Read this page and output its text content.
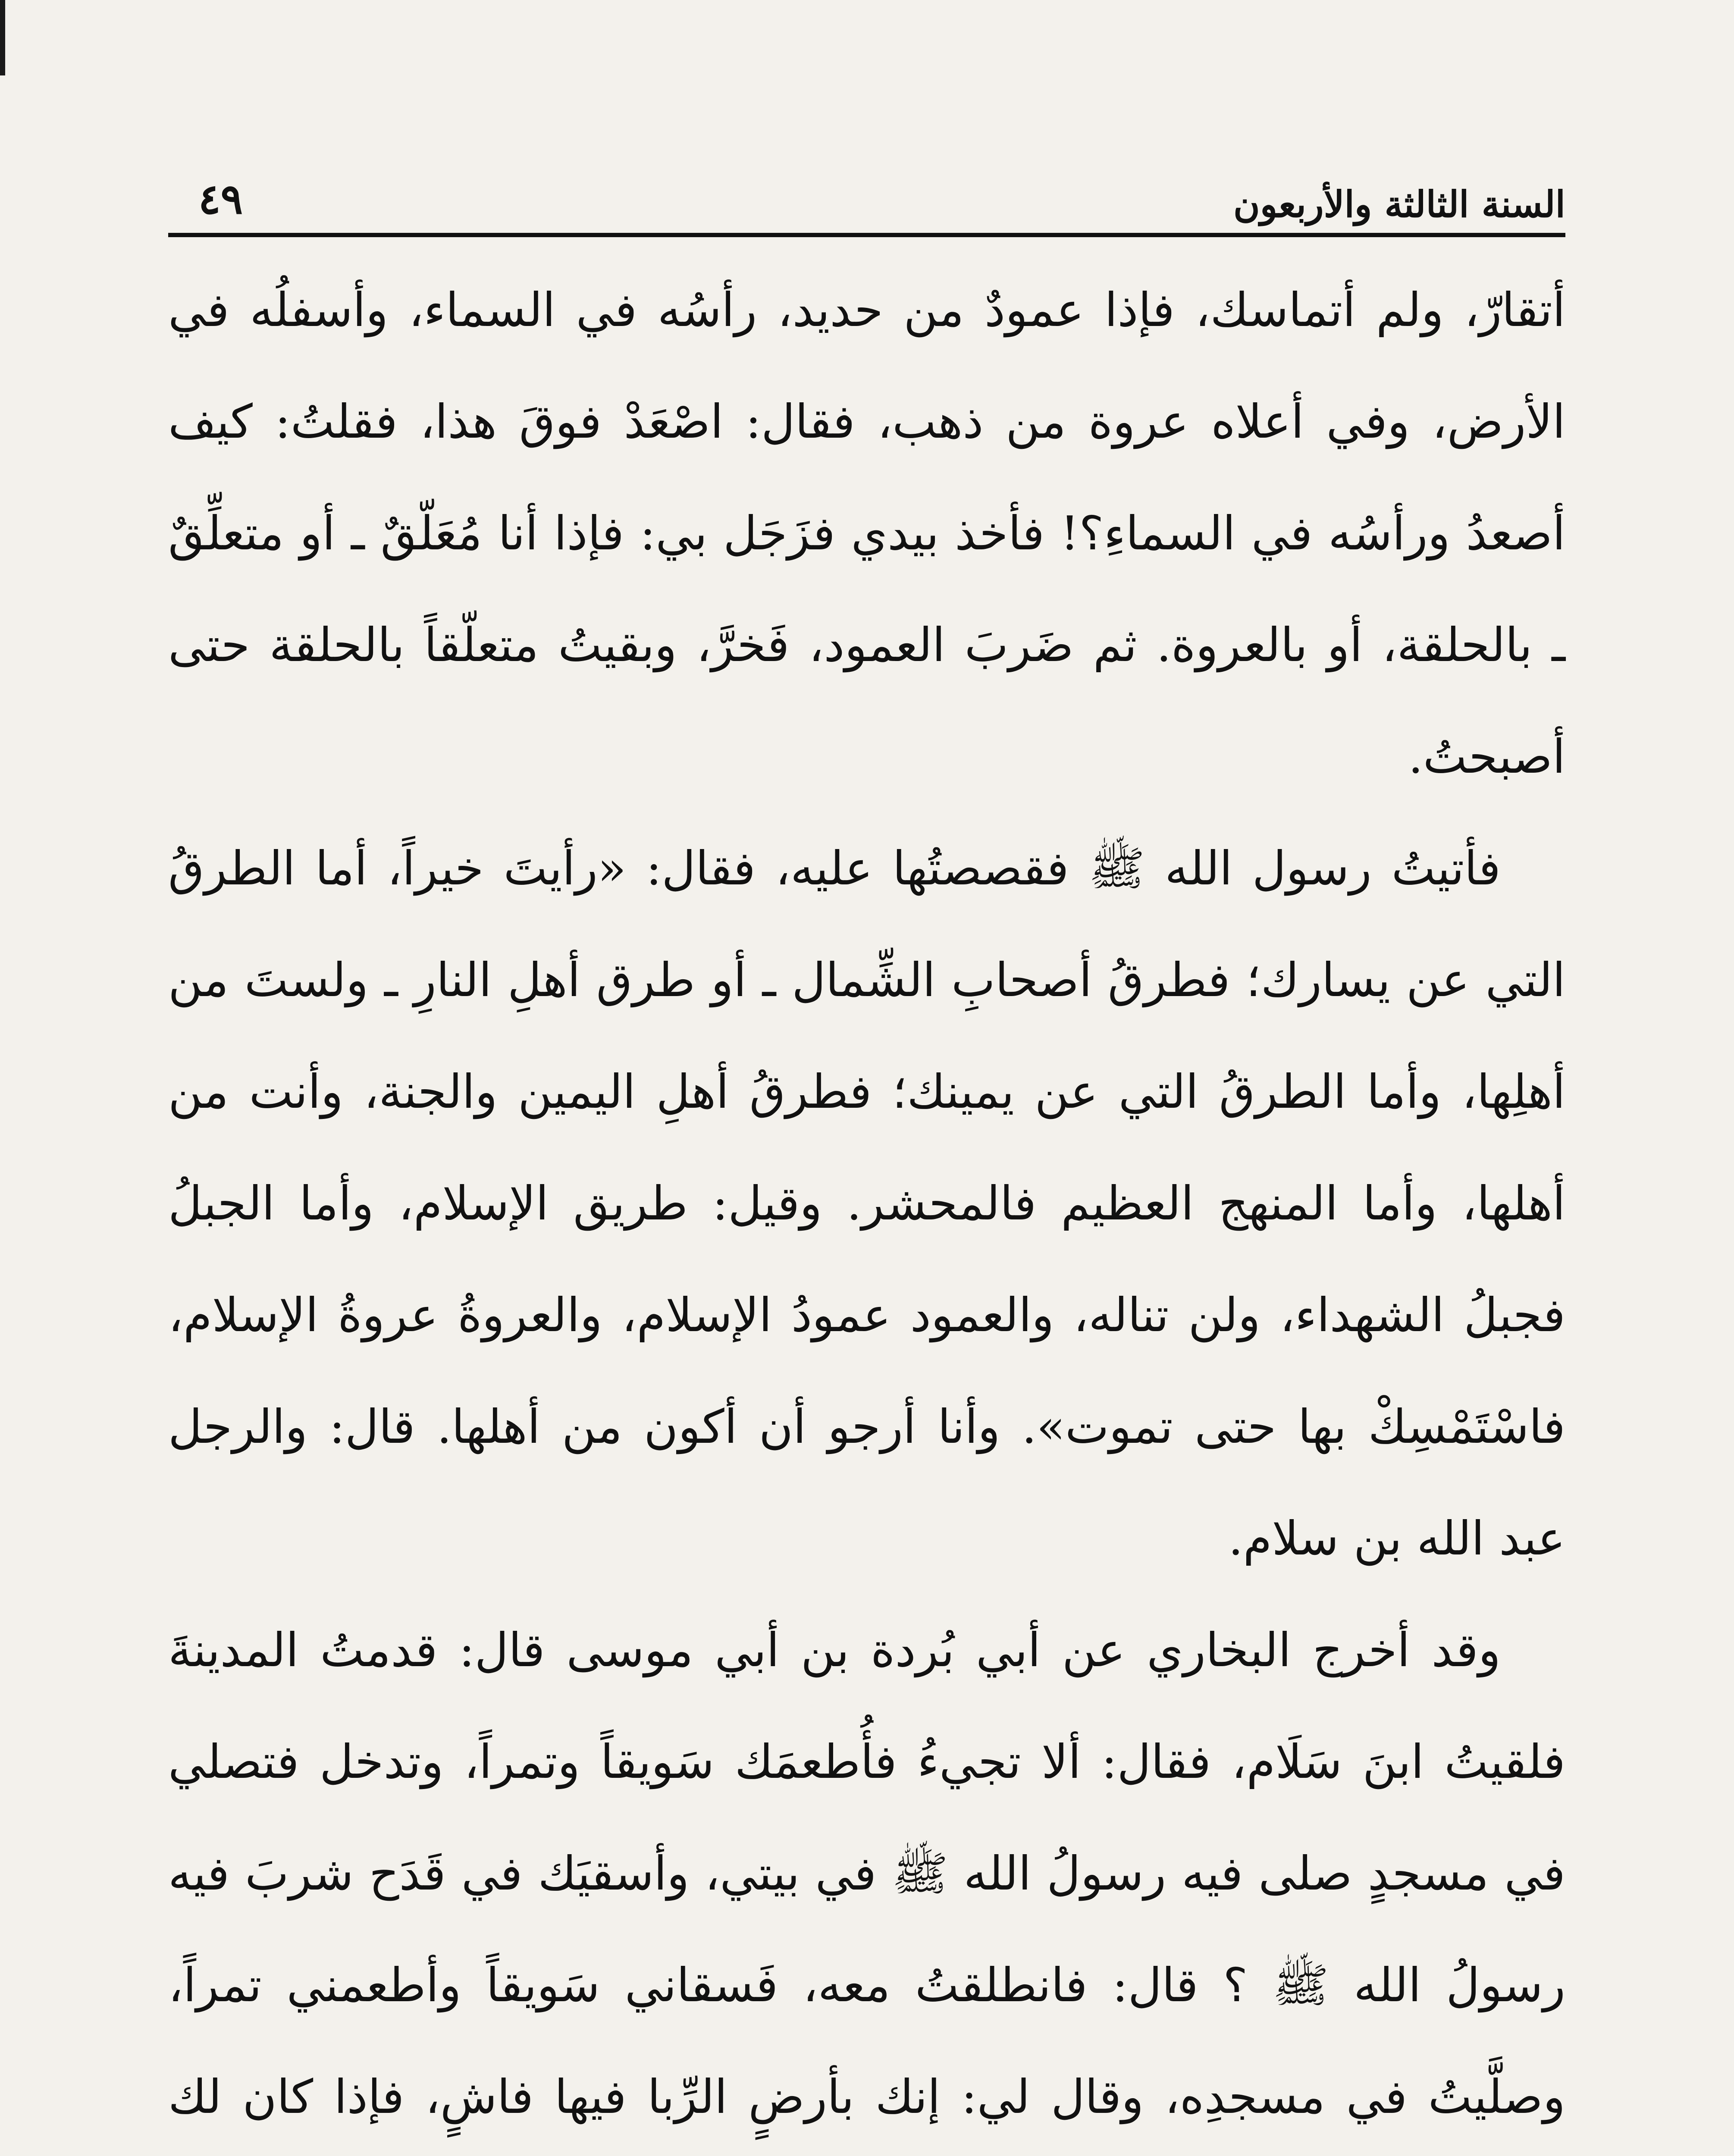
السنة الثالثة والأربعون
٤٩

أتقارّ، ولم أتماسك، فإذا عمودٌ من حديد، رأسُه في السماء، وأسفلُه في الأرض، وفي أعلاه عروة من ذهب، فقال: اصْعَدْ فوقَ هذا، فقلتُ: كيف أصعدُ ورأسُه في السماءِ؟! فأخذ بيدي فزَجَل بي: فإذا أنا مُعَلّقٌ ـ أو متعلِّقٌ ـ بالحلقة، أو بالعروة. ثم ضَربَ العمود، فَخرَّ، وبقيتُ متعلّقاً بالحلقة حتى أصبحتُ.

فأتيتُ رسول الله ﷺ فقصصتُها عليه، فقال: «رأيتَ خيراً، أما الطرقُ التي عن يسارك؛ فطرقُ أصحابِ الشِّمال ـ أو طرق أهلِ النارِ ـ ولستَ من أهلِها، وأما الطرقُ التي عن يمينك؛ فطرقُ أهلِ اليمين والجنة، وأنت من أهلها، وأما المنهج العظيم فالمحشر. وقيل: طريق الإسلام، وأما الجبلُ فجبلُ الشهداء، ولن تناله، والعمود عمودُ الإسلام، والعروةُ عروةُ الإسلام، فاسْتَمْسِكْ بها حتى تموت». وأنا أرجو أن أكون من أهلها. قال: والرجل عبد الله بن سلام.

وقد أخرج البخاري عن أبي بُردة بن أبي موسى قال: قدمتُ المدينةَ فلقيتُ ابنَ سَلَام، فقال: ألا تجيءُ فأُطعمَك سَويقاً وتمراً، وتدخل فتصلي في مسجدٍ صلى فيه رسولُ الله ﷺ في بيتي، وأسقيَك في قَدَح شربَ فيه رسولُ الله ﷺ ؟ قال: فانطلقتُ معه، فَسقاني سَويقاً وأطعمني تمراً، وصلَّيتُ في مسجدِه، وقال لي: إنك بأرضٍ الرِّبا فيها فاشٍ، فإذا كان لك
